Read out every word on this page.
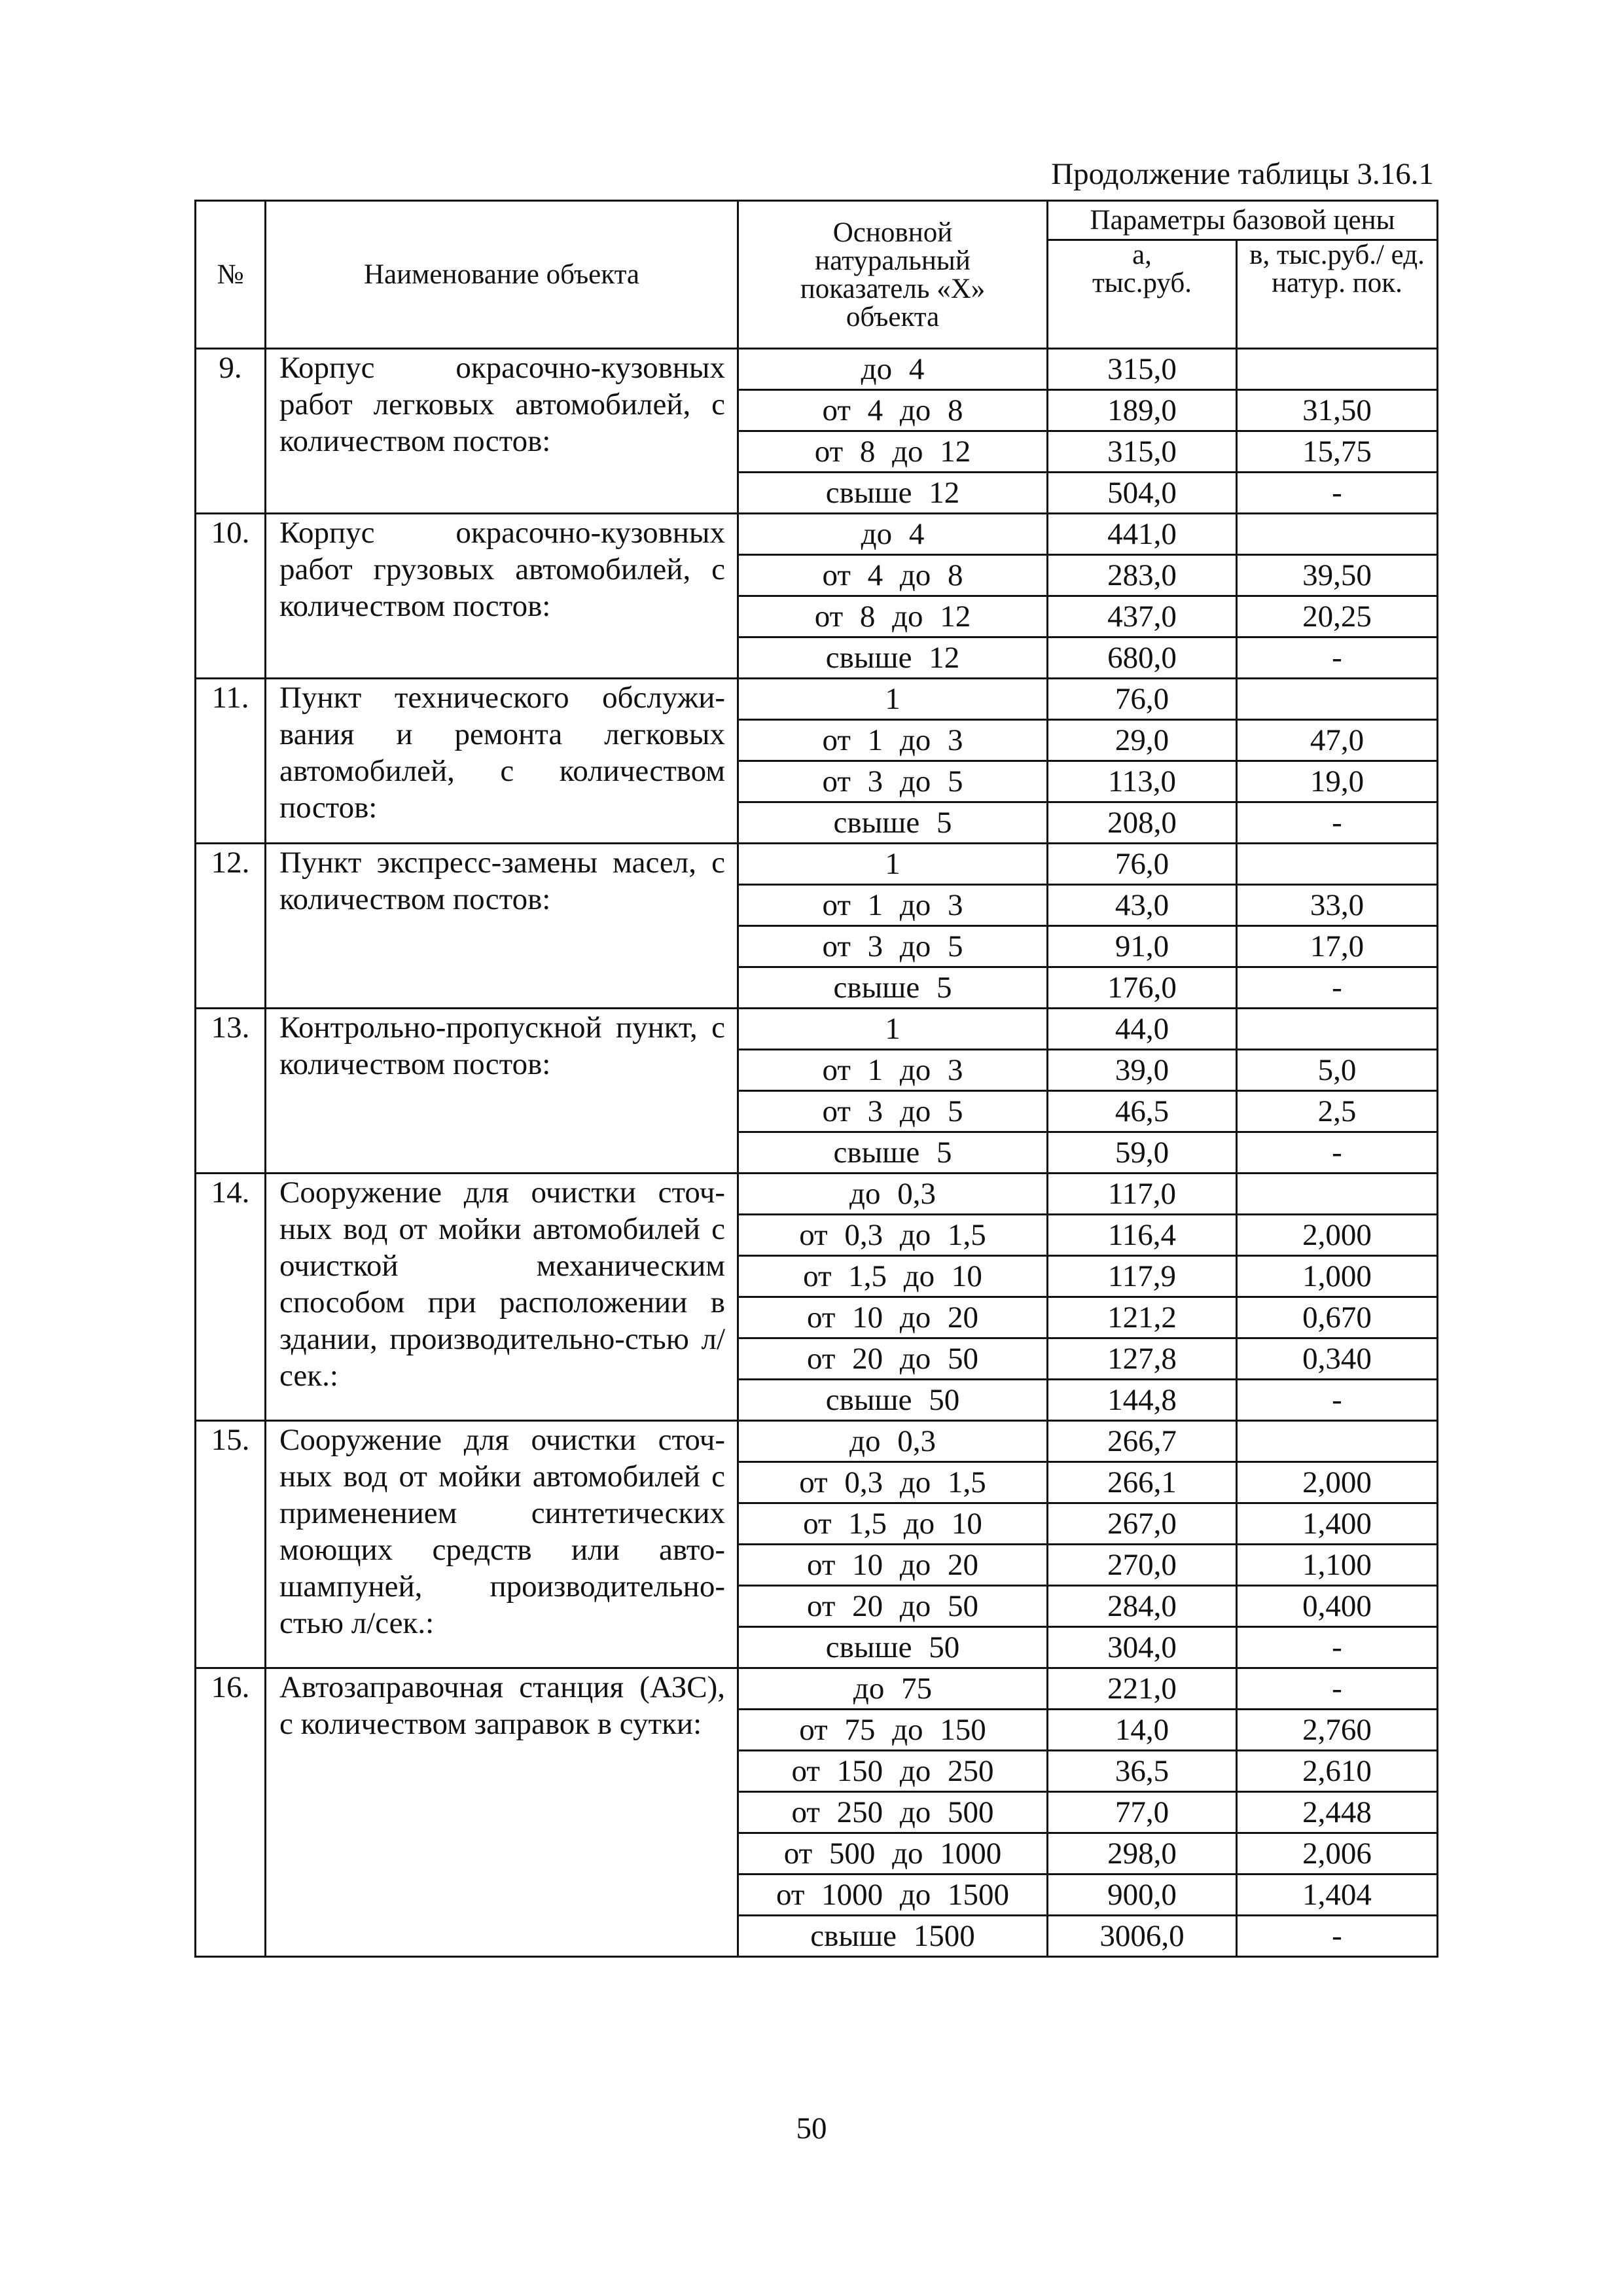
Продолжение таблицы 3.16.1
№	Наименование объекта	Основной натуральный показатель «X» объекта	Параметры базовой цены	
			а, тыс.руб.	в, тыс.руб./ ед. натур. пок.
9.	Корпус окрасочно-кузовных работ легковых автомобилей, с количеством постов:	до 4	315,0	
		от 4 до 8	189,0	31,50
		от 8 до 12	315,0	15,75
		свыше 12	504,0	-
10.	Корпус окрасочно-кузовных работ грузовых автомобилей, с количеством постов:	до 4	441,0	
		от 4 до 8	283,0	39,50
		от 8 до 12	437,0	20,25
		свыше 12	680,0	-
11.	Пункт технического обслужи-вания и ремонта легковых автомобилей, с количеством постов:	1	76,0	
		от 1 до 3	29,0	47,0
		от 3 до 5	113,0	19,0
		свыше 5	208,0	-
12.	Пункт экспресс-замены масел, с количеством постов:	1	76,0	
		от 1 до 3	43,0	33,0
		от 3 до 5	91,0	17,0
		свыше 5	176,0	-
13.	Контрольно-пропускной пункт, с количеством постов:	1	44,0	
		от 1 до 3	39,0	5,0
		от 3 до 5	46,5	2,5
		свыше 5	59,0	-
14.	Сооружение для очистки сточ-ных вод от мойки автомобилей с очисткой механическим способом при расположении в здании, производительно-стью л/сек.:	до 0,3	117,0	
		от 0,3 до 1,5	116,4	2,000
		от 1,5 до 10	117,9	1,000
		от 10 до 20	121,2	0,670
		от 20 до 50	127,8	0,340
		свыше 50	144,8	-
15.	Сооружение для очистки сточ-ных вод от мойки автомобилей с применением синтетических моющих средств или авто-шампуней, производительно-стью л/сек.:	до 0,3	266,7	
		от 0,3 до 1,5	266,1	2,000
		от 1,5 до 10	267,0	1,400
		от 10 до 20	270,0	1,100
		от 20 до 50	284,0	0,400
		свыше 50	304,0	-
16.	Автозаправочная станция (АЗС), с количеством заправок в сутки:	до 75	221,0	-
		от 75 до 150	14,0	2,760
		от 150 до 250	36,5	2,610
		от 250 до 500	77,0	2,448
		от 500 до 1000	298,0	2,006
		от 1000 до 1500	900,0	1,404
		свыше 1500	3006,0	-
50
